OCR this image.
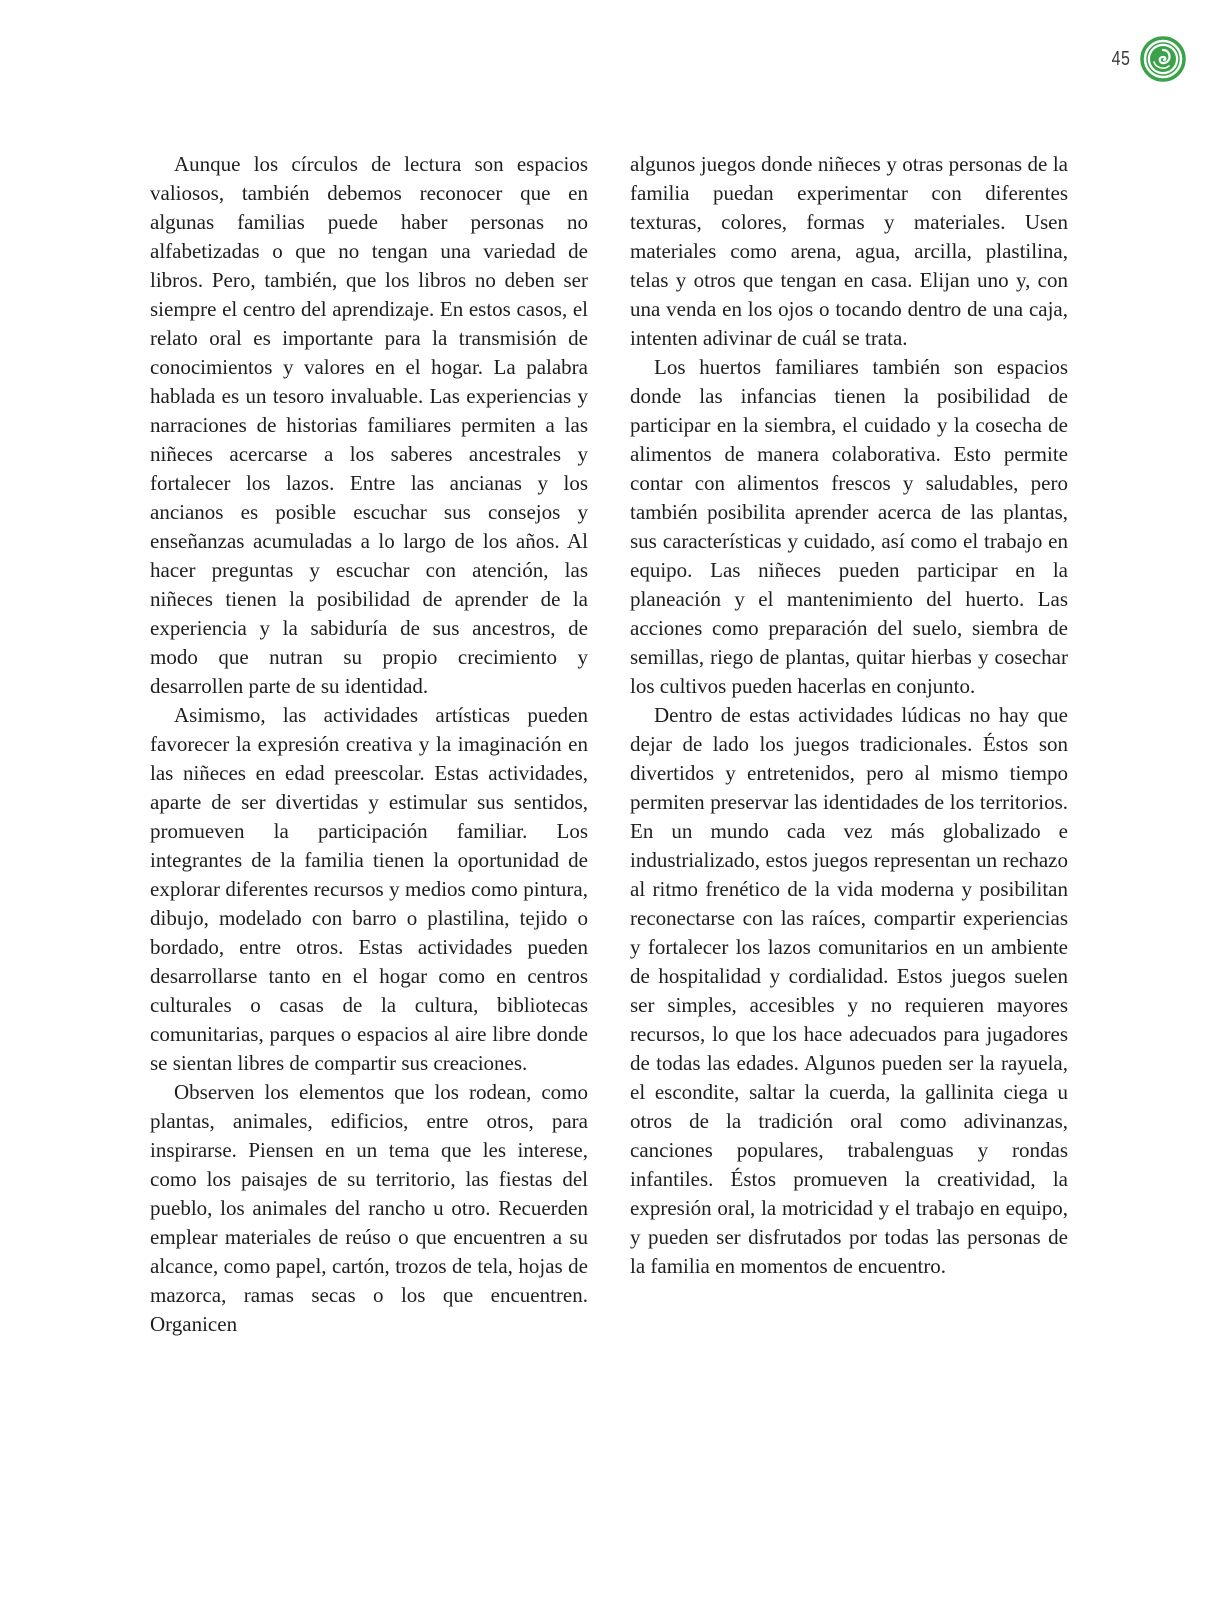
45

Aunque los círculos de lectura son espacios valiosos, también debemos reconocer que en algunas familias puede haber personas no alfabetizadas o que no tengan una variedad de libros. Pero, también, que los libros no deben ser siempre el centro del aprendizaje. En estos casos, el relato oral es importante para la transmisión de conocimientos y valores en el hogar. La palabra hablada es un tesoro invaluable. Las experiencias y narraciones de historias familiares permiten a las niñeces acercarse a los saberes ancestrales y fortalecer los lazos. Entre las ancianas y los ancianos es posible escuchar sus consejos y enseñanzas acumuladas a lo largo de los años. Al hacer preguntas y escuchar con atención, las niñeces tienen la posibilidad de aprender de la experiencia y la sabiduría de sus ancestros, de modo que nutran su propio crecimiento y desarrollen parte de su identidad.

Asimismo, las actividades artísticas pueden favorecer la expresión creativa y la imaginación en las niñeces en edad preescolar. Estas actividades, aparte de ser divertidas y estimular sus sentidos, promueven la participación familiar. Los integrantes de la familia tienen la oportunidad de explorar diferentes recursos y medios como pintura, dibujo, modelado con barro o plastilina, tejido o bordado, entre otros. Estas actividades pueden desarrollarse tanto en el hogar como en centros culturales o casas de la cultura, bibliotecas comunitarias, parques o espacios al aire libre donde se sientan libres de compartir sus creaciones.

Observen los elementos que los rodean, como plantas, animales, edificios, entre otros, para inspirarse. Piensen en un tema que les interese, como los paisajes de su territorio, las fiestas del pueblo, los animales del rancho u otro. Recuerden emplear materiales de reúso o que encuentren a su alcance, como papel, cartón, trozos de tela, hojas de mazorca, ramas secas o los que encuentren. Organicen

algunos juegos donde niñeces y otras personas de la familia puedan experimentar con diferentes texturas, colores, formas y materiales. Usen materiales como arena, agua, arcilla, plastilina, telas y otros que tengan en casa. Elijan uno y, con una venda en los ojos o tocando dentro de una caja, intenten adivinar de cuál se trata.

Los huertos familiares también son espacios donde las infancias tienen la posibilidad de participar en la siembra, el cuidado y la cosecha de alimentos de manera colaborativa. Esto permite contar con alimentos frescos y saludables, pero también posibilita aprender acerca de las plantas, sus características y cuidado, así como el trabajo en equipo. Las niñeces pueden participar en la planeación y el mantenimiento del huerto. Las acciones como preparación del suelo, siembra de semillas, riego de plantas, quitar hierbas y cosechar los cultivos pueden hacerlas en conjunto.

Dentro de estas actividades lúdicas no hay que dejar de lado los juegos tradicionales. Éstos son divertidos y entretenidos, pero al mismo tiempo permiten preservar las identidades de los territorios. En un mundo cada vez más globalizado e industrializado, estos juegos representan un rechazo al ritmo frenético de la vida moderna y posibilitan reconectarse con las raíces, compartir experiencias y fortalecer los lazos comunitarios en un ambiente de hospitalidad y cordialidad. Estos juegos suelen ser simples, accesibles y no requieren mayores recursos, lo que los hace adecuados para jugadores de todas las edades. Algunos pueden ser la rayuela, el escondite, saltar la cuerda, la gallinita ciega u otros de la tradición oral como adivinanzas, canciones populares, trabalenguas y rondas infantiles. Éstos promueven la creatividad, la expresión oral, la motricidad y el trabajo en equipo, y pueden ser disfrutados por todas las personas de la familia en momentos de encuentro.
